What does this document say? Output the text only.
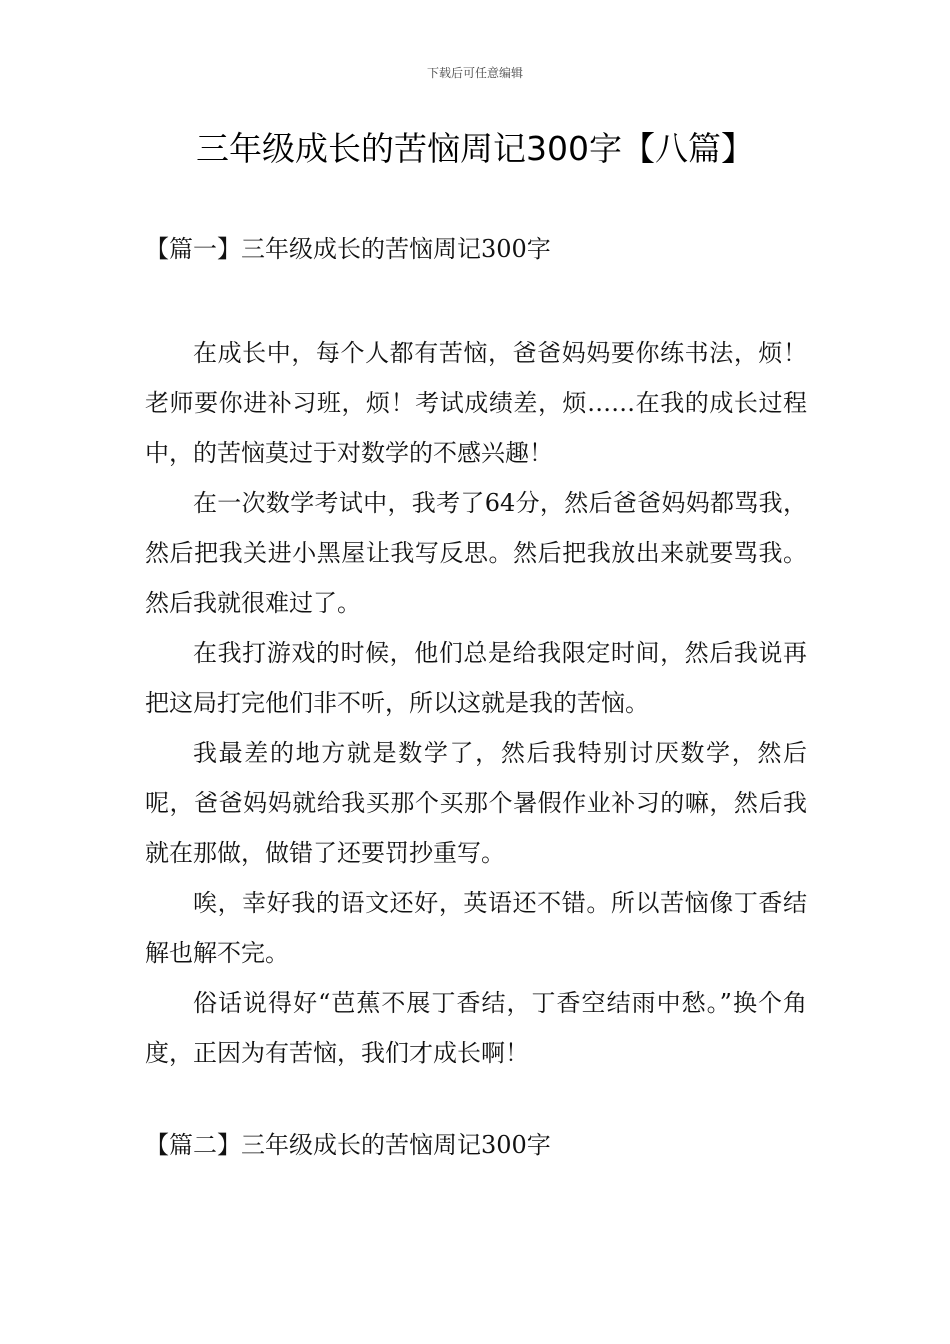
下载后可任意编辑
三年级成长的苦恼周记300字【八篇】
【篇一】三年级成长的苦恼周记300字

在成长中，每个人都有苦恼，爸爸妈妈要你练书法，烦！老师要你进补习班，烦！考试成绩差，烦……在我的成长过程中，的苦恼莫过于对数学的不感兴趣！

在一次数学考试中，我考了64分，然后爸爸妈妈都骂我，然后把我关进小黑屋让我写反思。然后把我放出来就要骂我。然后我就很难过了。

在我打游戏的时候，他们总是给我限定时间，然后我说再把这局打完他们非不听，所以这就是我的苦恼。

我最差的地方就是数学了，然后我特别讨厌数学，然后呢，爸爸妈妈就给我买那个买那个暑假作业补习的嘛，然后我就在那做，做错了还要罚抄重写。

唉，幸好我的语文还好，英语还不错。所以苦恼像丁香结解也解不完。

俗话说得好“芭蕉不展丁香结，丁香空结雨中愁。”换个角度，正因为有苦恼，我们才成长啊！

【篇二】三年级成长的苦恼周记300字
